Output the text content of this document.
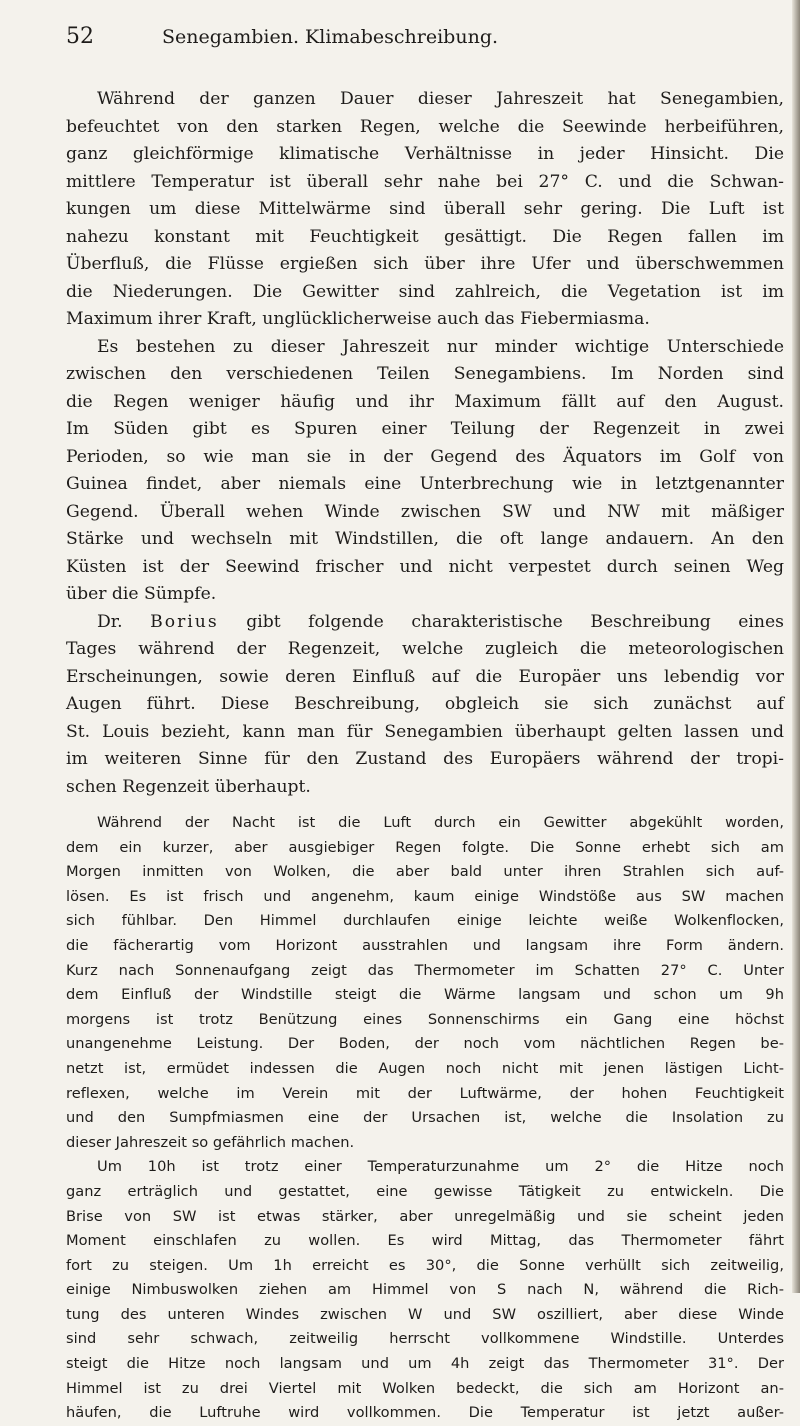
52	Senegambien. Klimabeschreibung.

Während der ganzen Dauer dieser Jahreszeit hat Senegambien,

befeuchtet von den starken Regen, welche die Seewinde herbeiführen,

ganz gleichförmige klimatische Verhältnisse in jeder Hinsicht. Die

mittlere Temperatur ist überall sehr nahe bei 27° C. und die Schwan-

kungen um diese Mittelwärme sind überall sehr gering. Die Luft ist

nahezu konstant mit Feuchtigkeit gesättigt. Die Regen fallen im

Überfluß, die Flüsse ergießen sich über ihre Ufer und überschwemmen

die Niederungen. Die Gewitter sind zahlreich, die Vegetation ist im

Maximum ihrer Kraft, unglücklicherweise auch das Fiebermiasma.

Es bestehen zu dieser Jahreszeit nur minder wichtige Unterschiede

zwischen den verschiedenen Teilen Senegambiens. Im Norden sind

die Regen weniger häufig und ihr Maximum fällt auf den August.

Im Süden gibt es Spuren einer Teilung der Regenzeit in zwei

Perioden, so wie man sie in der Gegend des Äquators im Golf von

Guinea findet, aber niemals eine Unterbrechung wie in letztgenannter

Gegend. Überall wehen Winde zwischen SW und NW mit mäßiger

Stärke und wechseln mit Windstillen, die oft lange andauern. An den

Küsten ist der Seewind frischer und nicht verpestet durch seinen Weg

über die Sümpfe.

Dr. Borius gibt folgende charakteristische Beschreibung eines

Tages während der Regenzeit, welche zugleich die meteorologischen

Erscheinungen, sowie deren Einfluß auf die Europäer uns lebendig vor

Augen führt. Diese Beschreibung, obgleich sie sich zunächst auf

St. Louis bezieht, kann man für Senegambien überhaupt gelten lassen und

im weiteren Sinne für den Zustand des Europäers während der tropi-

schen Regenzeit überhaupt.

Während der Nacht ist die Luft durch ein Gewitter abgekühlt worden,

dem ein kurzer, aber ausgiebiger Regen folgte. Die Sonne erhebt sich am

Morgen inmitten von Wolken, die aber bald unter ihren Strahlen sich auf-

lösen. Es ist frisch und angenehm, kaum einige Windstöße aus SW machen

sich fühlbar. Den Himmel durchlaufen einige leichte weiße Wolkenflocken,

die fächerartig vom Horizont ausstrahlen und langsam ihre Form ändern.

Kurz nach Sonnenaufgang zeigt das Thermometer im Schatten 27° C. Unter

dem Einfluß der Windstille steigt die Wärme langsam und schon um 9h

morgens ist trotz Benützung eines Sonnenschirms ein Gang eine höchst

unangenehme Leistung. Der Boden, der noch vom nächtlichen Regen be-

netzt ist, ermüdet indessen die Augen noch nicht mit jenen lästigen Licht-

reflexen, welche im Verein mit der Luftwärme, der hohen Feuchtigkeit

und den Sumpfmiasmen eine der Ursachen ist, welche die Insolation zu

dieser Jahreszeit so gefährlich machen.

Um 10h ist trotz einer Temperaturzunahme um 2° die Hitze noch

ganz erträglich und gestattet, eine gewisse Tätigkeit zu entwickeln. Die

Brise von SW ist etwas stärker, aber unregelmäßig und sie scheint jeden

Moment einschlafen zu wollen. Es wird Mittag, das Thermometer fährt

fort zu steigen. Um 1h erreicht es 30°, die Sonne verhüllt sich zeitweilig,

einige Nimbuswolken ziehen am Himmel von S nach N, während die Rich-

tung des unteren Windes zwischen W und SW oszilliert, aber diese Winde

sind sehr schwach, zeitweilig herrscht vollkommene Windstille. Unterdes

steigt die Hitze noch langsam und um 4h zeigt das Thermometer 31°. Der

Himmel ist zu drei Viertel mit Wolken bedeckt, die sich am Horizont an-

häufen, die Luftruhe wird vollkommen. Die Temperatur ist jetzt außer-
